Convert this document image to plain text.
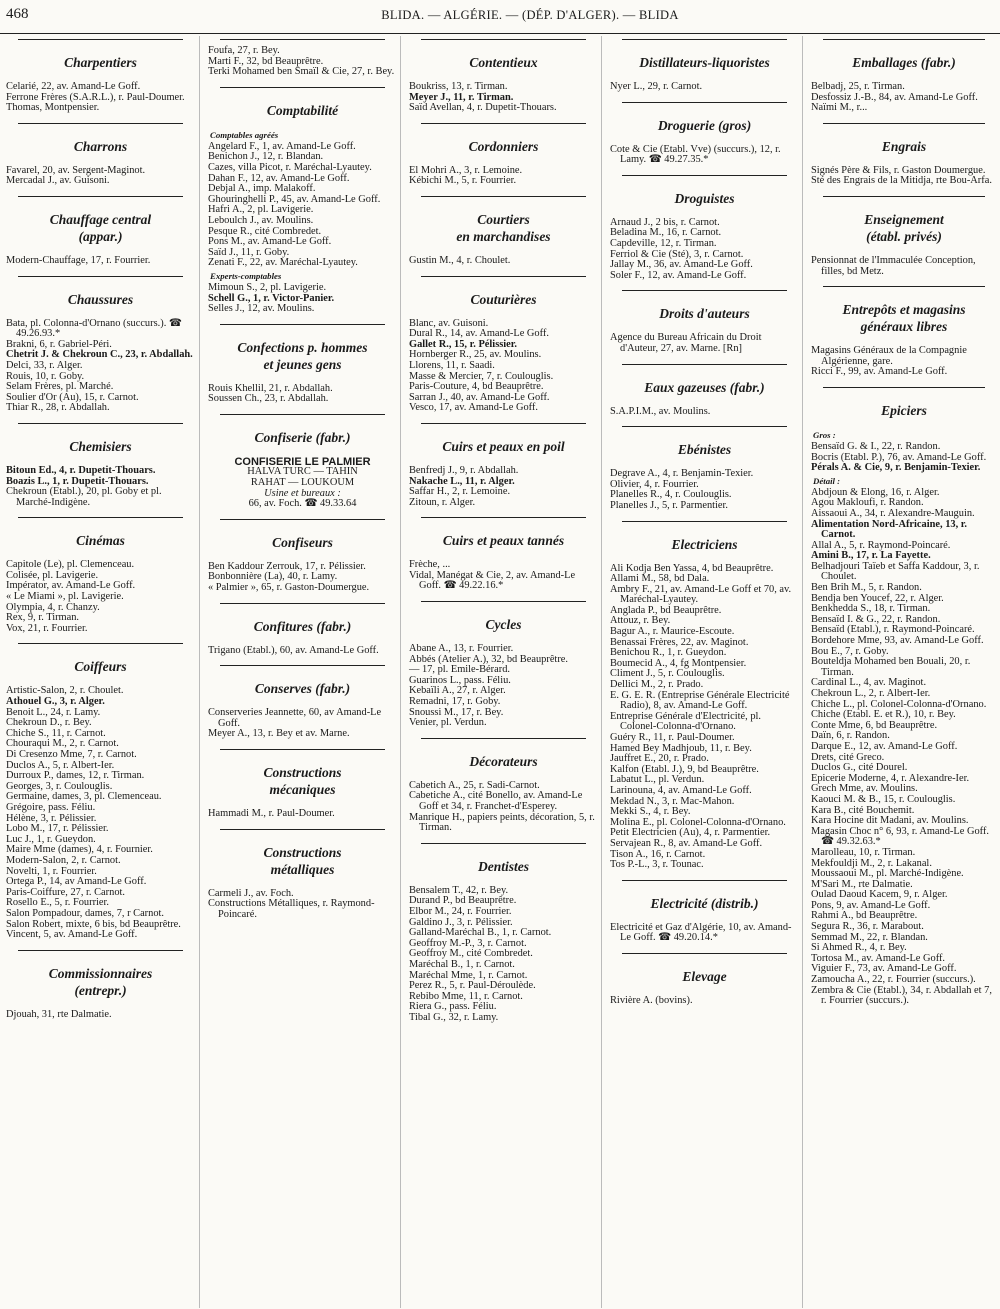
468	BLIDA. — ALGÉRIE. — (DÉP. D'ALGER). — BLIDA
Charpentiers
Celarié, 22, av. Amand-Le Goff.
Ferrone Frères (S.A.R.L.), r. Paul-Doumer.
Thomas, Montpensier.
Charrons
Favarel, 20, av. Sergent-Maginot.
Mercadal J., av. Guisoni.
Chauffage central
(appar.)
Modern-Chauffage, 17, r. Fourrier.
Chaussures
Bata, pl. Colonna-d'Ornano (succurs.). ☎ 49.26.93.*
Brakni, 6, r. Gabriel-Péri.
Chetrit J. & Chekroun C., 23, r. Abdallah.
Delci, 33, r. Alger.
Rouis, 10, r. Goby.
Selam Frères, pl. Marché.
Soulier d'Or (Au), 15, r. Carnot.
Thiar R., 28, r. Abdallah.
Chemisiers
Bitoun Ed., 4, r. Dupetit-Thouars.
Boazis L., 1, r. Dupetit-Thouars.
Chekroun (Etabl.), 20, pl. Goby et pl. Marché-Indigène.
Cinémas
Capitole (Le), pl. Clemenceau.
Colisée, pl. Lavigerie.
Impérator, av. Amand-Le Goff.
« Le Miami », pl. Lavigerie.
Olympia, 4, r. Chanzy.
Rex, 9, r. Tirman.
Vox, 21, r. Fourrier.
Coiffeurs
Artistic-Salon, 2, r. Choulet.
Athouel G., 3, r. Alger.
Benoit L., 24, r. Lamy.
Chekroun D., r. Bey.
Chiche S., 11, r. Carnot.
Chouraqui M., 2, r. Carnot.
Di Cresenzo Mme, 7, r. Carnot.
Duclos A., 5, r. Albert-Ier.
Durroux P., dames, 12, r. Tirman.
Georges, 3, r. Coulouglis.
Germaine, dames, 3, pl. Clemenceau.
Grégoire, pass. Féliu.
Hélène, 3, r. Pélissier.
Lobo M., 17, r. Pélissier.
Luc J., 1, r. Gueydon.
Maire Mme (dames), 4, r. Fournier.
Modern-Salon, 2, r. Carnot.
Novelti, 1, r. Fourrier.
Ortega P., 14, av Amand-Le Goff.
Paris-Coiffure, 27, r. Carnot.
Rosello E., 5, r. Fourrier.
Salon Pompadour, dames, 7, r Carnot.
Salon Robert, mixte, 6 bis, bd Beauprêtre.
Vincent, 5, av. Amand-Le Goff.
Commissionnaires
(entrepr.)
Djouah, 31, rte Dalmatie.
Foufa, 27, r. Bey.
Marti F., 32, bd Beauprêtre.
Terki Mohamed ben Smaïl & Cie, 27, r. Bey.
Comptabilité
Comptables agréés
Angelard F., 1, av. Amand-Le Goff.
Benichon J., 12, r. Blandan.
Cazes, villa Picot, r. Maréchal-Lyautey.
Dahan F., 12, av. Amand-Le Goff.
Debjal A., imp. Malakoff.
Ghouringhelli P., 45, av. Amand-Le Goff.
Hafri A., 2, pl. Lavigerie.
Leboulch J., av. Moulins.
Pesque R., cité Combredet.
Pons M., av. Amand-Le Goff.
Saïd J., 11, r. Goby.
Zenati F., 22, av. Maréchal-Lyautey.
Experts-comptables
Mimoun S., 2, pl. Lavigerie.
Schell G., 1, r. Victor-Panier.
Selles J., 12, av. Moulins.
Confections p. hommes
et jeunes gens
Rouis Khellil, 21, r. Abdallah.
Soussen Ch., 23, r. Abdallah.
Confiserie (fabr.)
CONFISERIE LE PALMIER
HALVA TURC — TAHIN
RAHAT — LOUKOUM
Usine et bureaux :
66, av. Foch. ☎ 49.33.64
Confiseurs
Ben Kaddour Zerrouk, 17, r. Pélissier.
Bonbonnière (La), 40, r. Lamy.
« Palmier », 65, r. Gaston-Doumergue.
Confitures (fabr.)
Trigano (Etabl.), 60, av. Amand-Le Goff.
Conserves (fabr.)
Conserveries Jeannette, 60, av Amand-Le Goff.
Meyer A., 13, r. Bey et av. Marne.
Constructions
mécaniques
Hammadi M., r. Paul-Doumer.
Constructions
métalliques
Carmeli J., av. Foch.
Constructions Métalliques, r. Raymond-Poincaré.
Contentieux
Boukriss, 13, r. Tirman.
Meyer J., 11, r. Tirman.
Saïd Avellan, 4, r. Dupetit-Thouars.
Cordonniers
El Mohri A., 3, r. Lemoine.
Kébichi M., 5, r. Fourrier.
Courtiers
en marchandises
Gustin M., 4, r. Choulet.
Couturières
Blanc, av. Guisoni.
Dural R., 14, av. Amand-Le Goff.
Gallet R., 15, r. Pélissier.
Hornberger R., 25, av. Moulins.
Llorens, 11, r. Saadi.
Masse & Mercier, 7, r. Coulouglis.
Paris-Couture, 4, bd Beauprêtre.
Sarran J., 40, av. Amand-Le Goff.
Vesco, 17, av. Amand-Le Goff.
Cuirs et peaux en poil
Benfredj J., 9, r. Abdallah.
Nakache L., 11, r. Alger.
Saffar H., 2, r. Lemoine.
Zitoun, r. Alger.
Cuirs et peaux tannés
Frèche, ...
Vidal, Manégat & Cie, 2, av. Amand-Le Goff. ☎ 49.22.16.*
Cycles
Abane A., 13, r. Fourrier.
Abbés (Atelier A.), 32, bd Beauprêtre.
— 17, pl. Emile-Bérard.
Guarinos L., pass. Féliu.
Kebaïli A., 27, r. Alger.
Remadni, 17, r. Goby.
Snoussi M., 17, r. Bey.
Venier, pl. Verdun.
Décorateurs
Cabetich A., 25, r. Sadi-Carnot.
Cabetiche A., cité Bonello, av. Amand-Le Goff et 34, r. Franchet-d'Esperey.
Manrique H., papiers peints, décoration, 5, r. Tirman.
Dentistes
Bensalem T., 42, r. Bey.
Durand P., bd Beauprêtre.
Elbor M., 24, r. Fourrier.
Galdino J., 3, r. Pélissier.
Galland-Maréchal B., 1, r. Carnot.
Geoffroy M.-P., 3, r. Carnot.
Geoffroy M., cité Combredet.
Maréchal B., 1, r. Carnot.
Maréchal Mme, 1, r. Carnot.
Perez R., 5, r. Paul-Déroulède.
Rebibo Mme, 11, r. Carnot.
Riera G., pass. Féliu.
Tibal G., 32, r. Lamy.
Distillateurs-liquoristes
Nyer L., 29, r. Carnot.
Droguerie (gros)
Cote & Cie (Etabl. Vve) (succurs.), 12, r. Lamy. ☎ 49.27.35.*
Droguistes
Arnaud J., 2 bis, r. Carnot.
Beladina M., 16, r. Carnot.
Capdeville, 12, r. Tirman.
Ferriol & Cie (Sté), 3, r. Carnot.
Jallay M., 36, av. Amand-Le Goff.
Soler F., 12, av. Amand-Le Goff.
Droits d'auteurs
Agence du Bureau Africain du Droit d'Auteur, 27, av. Marne. [Rn]
Eaux gazeuses (fabr.)
S.A.P.I.M., av. Moulins.
Ebénistes
Degrave A., 4, r. Benjamin-Texier.
Olivier, 4, r. Fourrier.
Planelles R., 4, r. Coulouglis.
Planelles J., 5, r. Parmentier.
Electriciens
Ali Kodja Ben Yassa, 4, bd Beauprêtre.
Allami M., 58, bd Dala.
Ambry F., 21, av. Amand-Le Goff et 70, av. Maréchal-Lyautey.
Anglada P., bd Beauprêtre.
Attouz, r. Bey.
Bagur A., r. Maurice-Escoute.
Benassai Frères, 22, av. Maginot.
Benichou R., 1, r. Gueydon.
Boumecid A., 4, fg Montpensier.
Climent J., 5, r. Coulouglis.
Dellici M., 2, r. Prado.
E. G. E. R. (Entreprise Générale Electricité Radio), 8, av. Amand-Le Goff.
Entreprise Générale d'Electricité, pl. Colonel-Colonna-d'Ornano.
Guéry R., 11, r. Paul-Doumer.
Hamed Bey Madhjoub, 11, r. Bey.
Jauffret E., 20, r. Prado.
Kalfon (Etabl. J.), 9, bd Beauprêtre.
Labatut L., pl. Verdun.
Larinouna, 4, av. Amand-Le Goff.
Mekdad N., 3, r. Mac-Mahon.
Mekki S., 4, r. Bey.
Molina E., pl. Colonel-Colonna-d'Ornano.
Petit Electricien (Au), 4, r. Parmentier.
Servajean R., 8, av. Amand-Le Goff.
Tison A., 16, r. Carnot.
Tos P.-L., 3, r. Tounac.
Electricité (distrib.)
Electricité et Gaz d'Algérie, 10, av. Amand-Le Goff. ☎ 49.20.14.*
Elevage
Rivière A. (bovins).
Emballages (fabr.)
Belbadj, 25, r. Tirman.
Desfossiz J.-B., 84, av. Amand-Le Goff.
Naïmi M., r...
Engrais
Signés Père & Fils, r. Gaston Doumergue.
Sté des Engrais de la Mitidja, rte Bou-Arfa.
Enseignement
(établ. privés)
Pensionnat de l'Immaculée Conception, filles, bd Metz.
Entrepôts et magasins
généraux libres
Magasins Généraux de la Compagnie Algérienne, gare.
Ricci F., 99, av. Amand-Le Goff.
Epiciers
Gros :
Bensaïd G. & I., 22, r. Randon.
Bocris (Etabl. P.), 76, av. Amand-Le Goff.
Pérals A. & Cie, 9, r. Benjamin-Texier.
Détail :
Abdjoun & Elong, 16, r. Alger.
Agou Makloufi, r. Randon.
Aissaoui A., 34, r. Alexandre-Mauguin.
Alimentation Nord-Africaine, 13, r. Carnot.
Allal A., 5, r. Raymond-Poincaré.
Amini B., 17, r. La Fayette.
Belhadjouri Taïeb et Saffa Kaddour, 3, r. Choulet.
Ben Brih M., 5, r. Randon.
Bendja ben Youcef, 22, r. Alger.
Benkhedda S., 18, r. Tirman.
Bensaïd I. & G., 22, r. Randon.
Bensaïd (Etabl.), r. Raymond-Poincaré.
Bordehore Mme, 93, av. Amand-Le Goff.
Bou E., 7, r. Goby.
Bouteldja Mohamed ben Bouali, 20, r. Tirman.
Cardinal L., 4, av. Maginot.
Chekroun L., 2, r. Albert-Ier.
Chiche L., pl. Colonel-Colonna-d'Ornano.
Chiche (Etabl. E. et R.), 10, r. Bey.
Conte Mme, 6, bd Beauprêtre.
Daïn, 6, r. Randon.
Darque E., 12, av. Amand-Le Goff.
Drets, cité Greco.
Duclos G., cité Dourel.
Epicerie Moderne, 4, r. Alexandre-Ier.
Grech Mme, av. Moulins.
Kaouci M. & B., 15, r. Coulouglis.
Kara B., cité Bouchemit.
Kara Hocine dit Madani, av. Moulins.
Magasin Choc n° 6, 93, r. Amand-Le Goff. ☎ 49.32.63.*
Marolleau, 10, r. Tirman.
Mekfouldji M., 2, r. Lakanal.
Moussaoui M., pl. Marché-Indigène.
M'Sari M., rte Dalmatie.
Oulad Daoud Kacem, 9, r. Alger.
Pons, 9, av. Amand-Le Goff.
Rahmi A., bd Beauprêtre.
Segura R., 36, r. Marabout.
Semmad M., 22, r. Blandan.
Si Ahmed R., 4, r. Bey.
Tortosa M., av. Amand-Le Goff.
Viguier F., 73, av. Amand-Le Goff.
Zamoucha A., 22, r. Fourrier (succurs.).
Zembra & Cie (Etabl.), 34, r. Abdallah et 7, r. Fourrier (succurs.).
